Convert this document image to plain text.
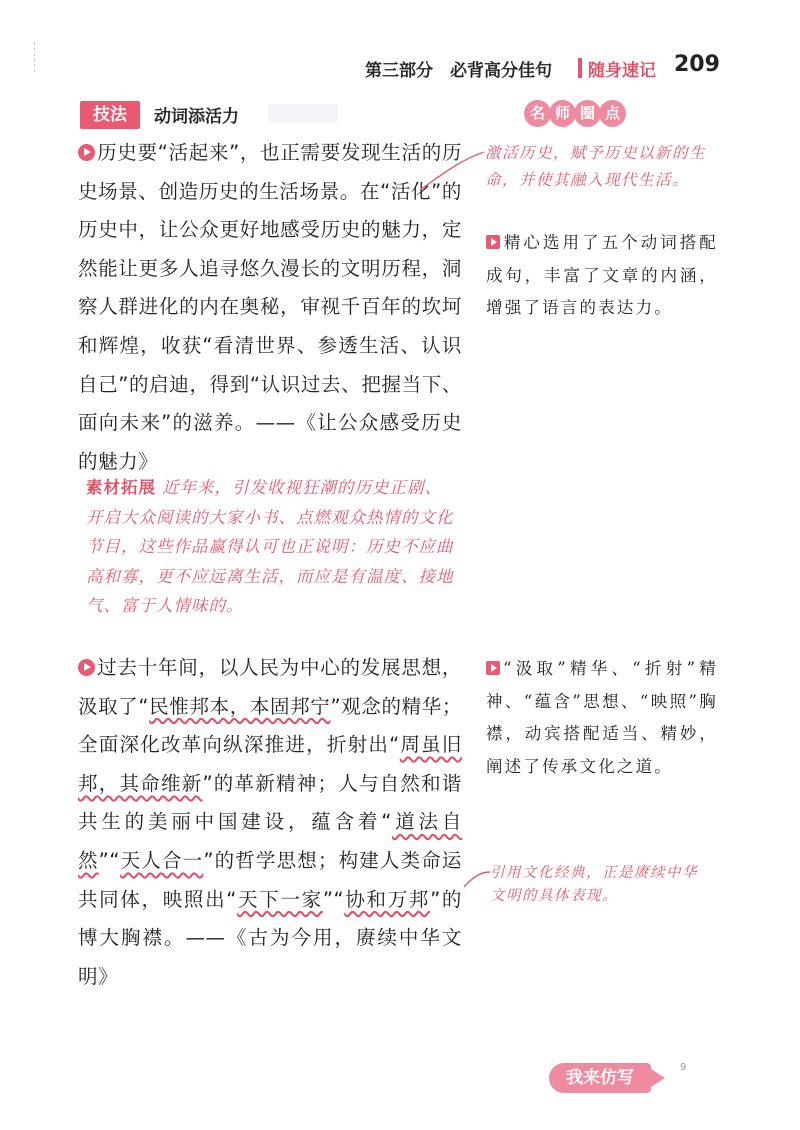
第三部分　必背高分佳句 随身速记 209
技法	动词添活力	名 师 圈 点
历史要“活起来”，也正需要发现生活的历史场景、创造历史的生活场景。在“活化”的历史中，让公众更好地感受历史的魅力，定然能让更多人追寻悠久漫长的文明历程，洞察人群进化的内在奥秘，审视千百年的坎坷和辉煌，收获“看清世界、参透生活、认识自己”的启迪，得到“认识过去、把握当下、面向未来”的滋养。——《让公众感受历史的魅力》
素材拓展 近年来，引发收视狂潮的历史正剧、开启大众阅读的大家小书、点燃观众热情的文化节目，这些作品赢得认可也正说明：历史不应曲高和寡，更不应远离生活，而应是有温度、接地气、富于人情味的。
激活历史，赋予历史以新的生命，并使其融入现代生活。
精心选用了五个动词搭配成句，丰富了文章的内涵，增强了语言的表达力。
过去十年间，以人民为中心的发展思想，汲取了“民惟邦本，本固邦宁”观念的精华；全面深化改革向纵深推进，折射出“周虽旧邦，其命维新”的革新精神；人与自然和谐共生的美丽中国建设，蕴含着“道法自然”“天人合一”的哲学思想；构建人类命运共同体，映照出“天下一家”“协和万邦”的博大胸襟。——《古为今用，赓续中华文明》
“汲取”精华、“折射”精神、“蕴含”思想、“映照”胸襟，动宾搭配适当、精妙，阐述了传承文化之道。
引用文化经典，正是赓续中华文明的具体表现。
我来仿写
9
